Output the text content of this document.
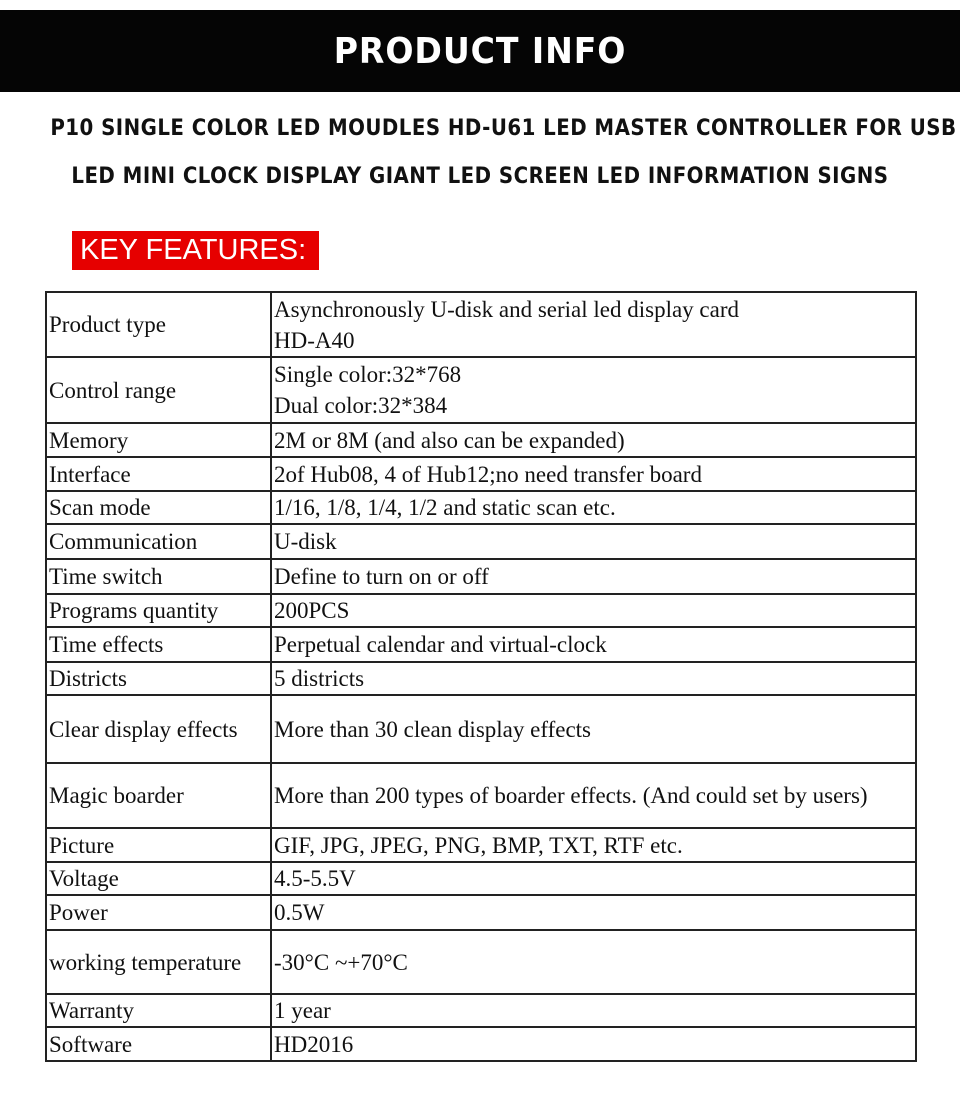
PRODUCT INFO
P10 SINGLE COLOR LED MOUDLES HD-U61 LED MASTER CONTROLLER FOR USB
LED MINI CLOCK DISPLAY GIANT LED SCREEN LED INFORMATION SIGNS
KEY FEATURES:
Product type	Asynchronously U-disk and serial led display card
HD-A40

Control range	Single color:32*768
Dual color:32*384

Memory	2M or 8M (and also can be expanded)

Interface	2of Hub08, 4 of Hub12;no need transfer board

Scan mode	1/16, 1/8, 1/4, 1/2 and static scan etc.

Communication	U-disk

Time switch	Define to turn on or off

Programs quantity	200PCS

Time effects	Perpetual calendar and virtual-clock

Districts	5 districts

Clear display effects	More than 30 clean display effects

Magic boarder	More than 200 types of boarder effects. (And could set by users)

Picture	GIF, JPG, JPEG, PNG, BMP, TXT, RTF etc.

Voltage	4.5-5.5V

Power	0.5W

working temperature	-30°C ~+70°C

Warranty	1 year

Software	HD2016
